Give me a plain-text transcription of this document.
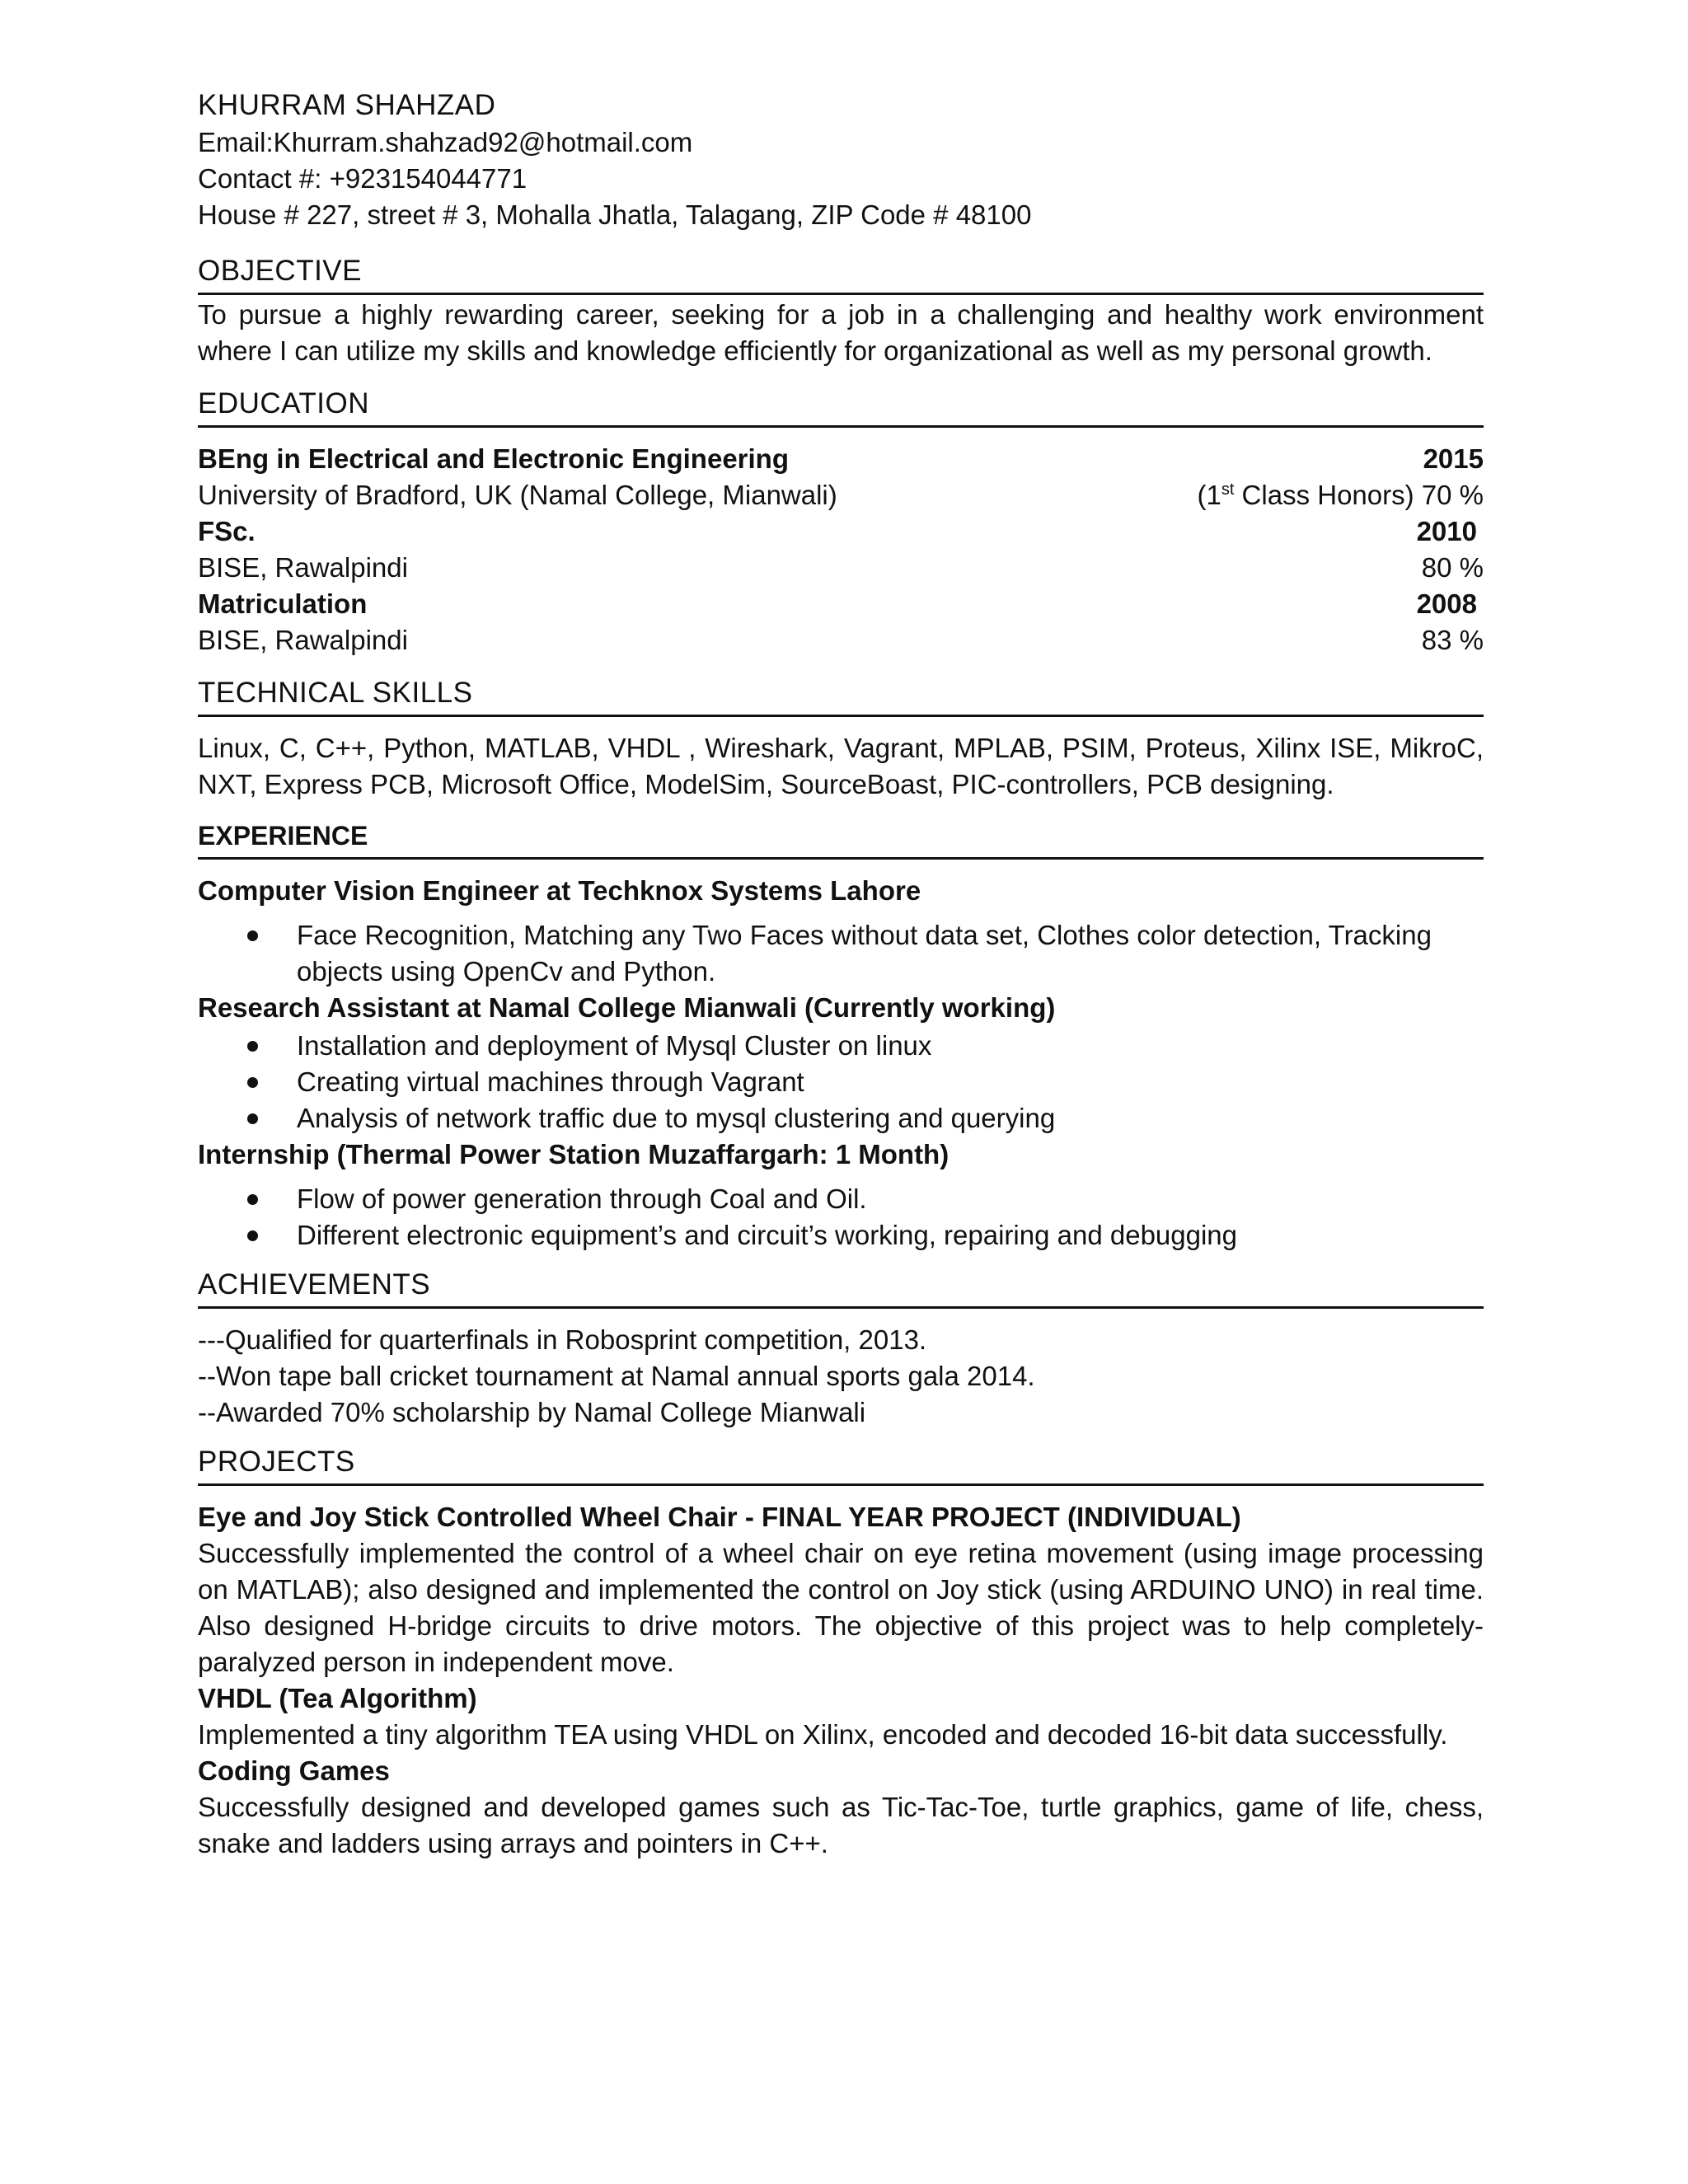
KHURRAM SHAHZAD
Email:Khurram.shahzad92@hotmail.com
Contact #: +923154044771
House # 227, street # 3, Mohalla Jhatla, Talagang, ZIP Code # 48100
OBJECTIVE
To pursue a highly rewarding career, seeking for a job in a challenging and healthy work environment where I can utilize my skills and knowledge efficiently for organizational as well as my personal growth.
EDUCATION
BEng in Electrical and Electronic Engineering	2015
University of Bradford, UK (Namal College, Mianwali)	(1st Class Honors) 70 %
FSc.	2010
BISE, Rawalpindi	80 %
Matriculation	2008
BISE, Rawalpindi	83 %
TECHNICAL SKILLS
Linux, C, C++, Python, MATLAB, VHDL , Wireshark, Vagrant, MPLAB, PSIM, Proteus, Xilinx ISE, MikroC, NXT, Express PCB, Microsoft Office, ModelSim, SourceBoast, PIC-controllers, PCB designing.
EXPERIENCE
Computer Vision Engineer at Techknox Systems Lahore
Face Recognition, Matching any Two Faces without data set, Clothes color detection, Tracking objects using OpenCv and Python.
Research Assistant at Namal College Mianwali (Currently working)
Installation and deployment of Mysql Cluster on linux
Creating virtual machines through Vagrant
Analysis of network traffic due to mysql clustering and querying
Internship (Thermal Power Station Muzaffargarh: 1 Month)
Flow of power generation through Coal and Oil.
Different electronic equipment’s and circuit’s working, repairing and debugging
ACHIEVEMENTS
---Qualified for quarterfinals in Robosprint competition, 2013.
--Won tape ball cricket tournament at Namal annual sports gala 2014.
--Awarded 70% scholarship by Namal College Mianwali
PROJECTS
Eye and Joy Stick Controlled Wheel Chair - FINAL YEAR PROJECT (INDIVIDUAL)
Successfully implemented the control of a wheel chair on eye retina movement (using image processing on MATLAB); also designed and implemented the control on Joy stick (using ARDUINO UNO) in real time. Also designed H-bridge circuits to drive motors. The objective of this project was to help completely-paralyzed person in independent move.
VHDL (Tea Algorithm)
Implemented a tiny algorithm TEA using VHDL on Xilinx, encoded and decoded 16-bit data successfully.
Coding Games
Successfully designed and developed games such as Tic-Tac-Toe, turtle graphics, game of life, chess, snake and ladders using arrays and pointers in C++.
